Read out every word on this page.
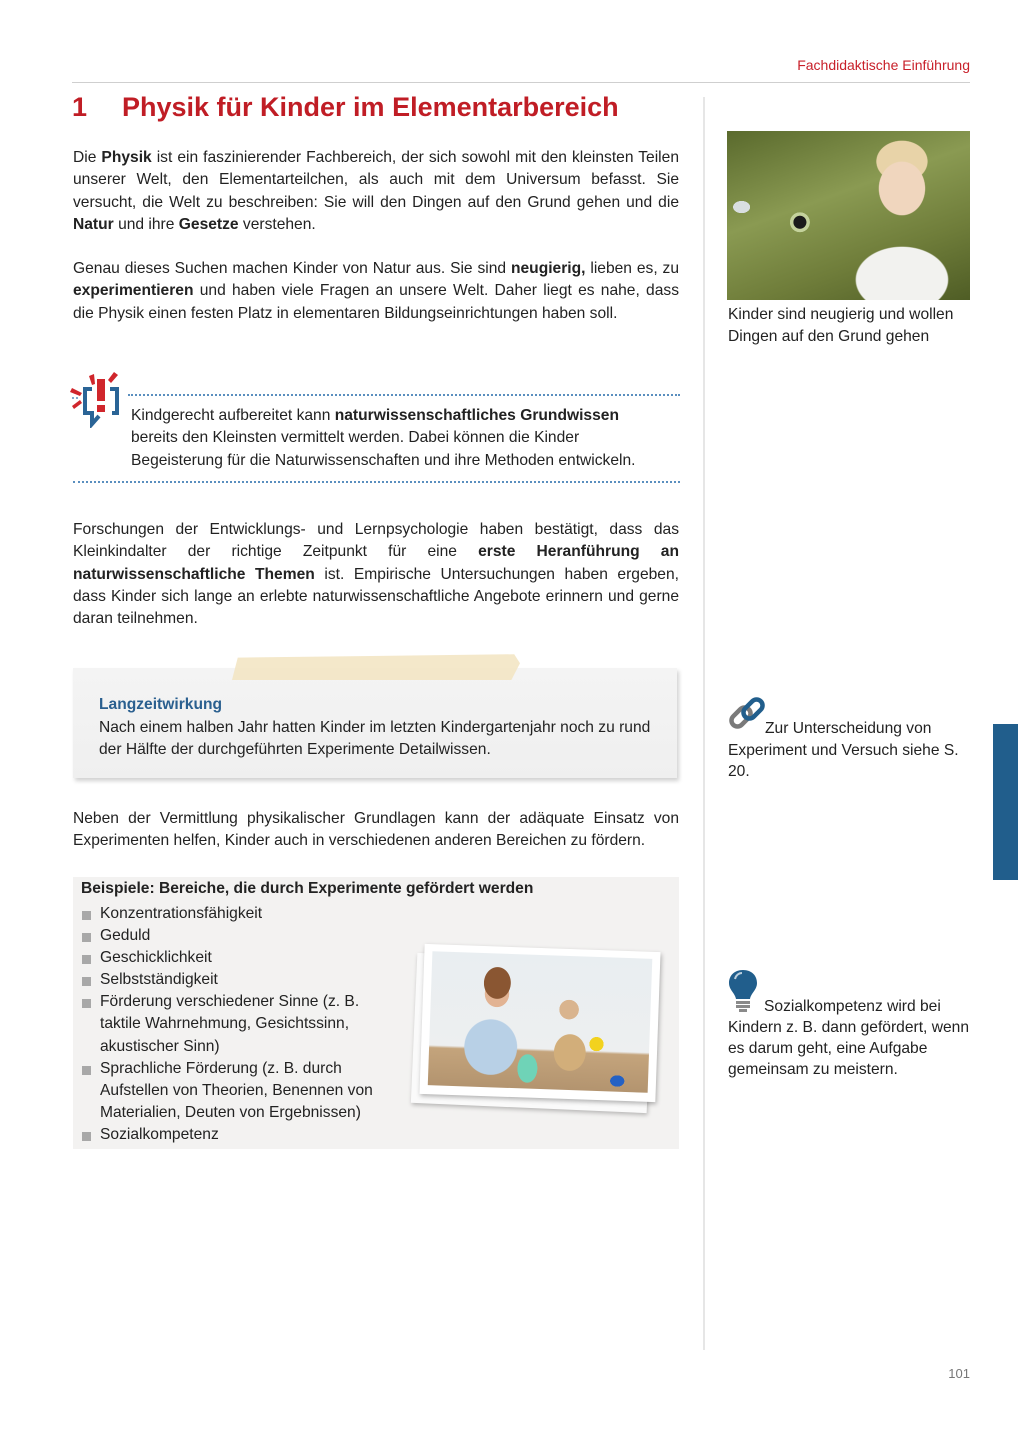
Fachdidaktische Einführung
1 Physik für Kinder im Elementarbereich
Die Physik ist ein faszinierender Fachbereich, der sich sowohl mit den kleinsten Teilen unserer Welt, den Elementarteilchen, als auch mit dem Universum befasst. Sie versucht, die Welt zu beschreiben: Sie will den Dingen auf den Grund gehen und die Natur und ihre Gesetze verstehen.
Genau dieses Suchen machen Kinder von Natur aus. Sie sind neugierig, lieben es, zu experimentieren und haben viele Fragen an unsere Welt. Daher liegt es nahe, dass die Physik einen festen Platz in elementaren Bildungseinrichtungen haben soll.
Kindgerecht aufbereitet kann naturwissenschaftliches Grundwissen bereits den Kleinsten vermittelt werden. Dabei können die Kinder Begeisterung für die Naturwissenschaften und ihre Methoden entwickeln.
Forschungen der Entwicklungs- und Lernpsychologie haben bestätigt, dass das Kleinkindalter der richtige Zeitpunkt für eine erste Heranführung an naturwissenschaftliche Themen ist. Empirische Untersuchungen haben ergeben, dass Kinder sich lange an erlebte naturwissenschaftliche Angebote erinnern und gerne daran teilnehmen.
Langzeitwirkung
Nach einem halben Jahr hatten Kinder im letzten Kindergartenjahr noch zu rund der Hälfte der durchgeführten Experimente Detailwissen.
Neben der Vermittlung physikalischer Grundlagen kann der adäquate Einsatz von Experimenten helfen, Kinder auch in verschiedenen anderen Bereichen zu fördern.
Beispiele: Bereiche, die durch Experimente gefördert werden
Konzentrationsfähigkeit
Geduld
Geschicklichkeit
Selbstständigkeit
Förderung verschiedener Sinne (z. B. taktile Wahrnehmung, Gesichtssinn, akustischer Sinn)
Sprachliche Förderung (z. B. durch Aufstellen von Theorien, Benennen von Materialien, Deuten von Ergebnissen)
Sozialkompetenz
Kinder sind neugierig und wollen Dingen auf den Grund gehen
Zur Unterscheidung von Experiment und Versuch siehe S. 20.
Sozialkompetenz wird bei Kindern z. B. dann gefördert, wenn es darum geht, eine Aufgabe gemeinsam zu meistern.
101
